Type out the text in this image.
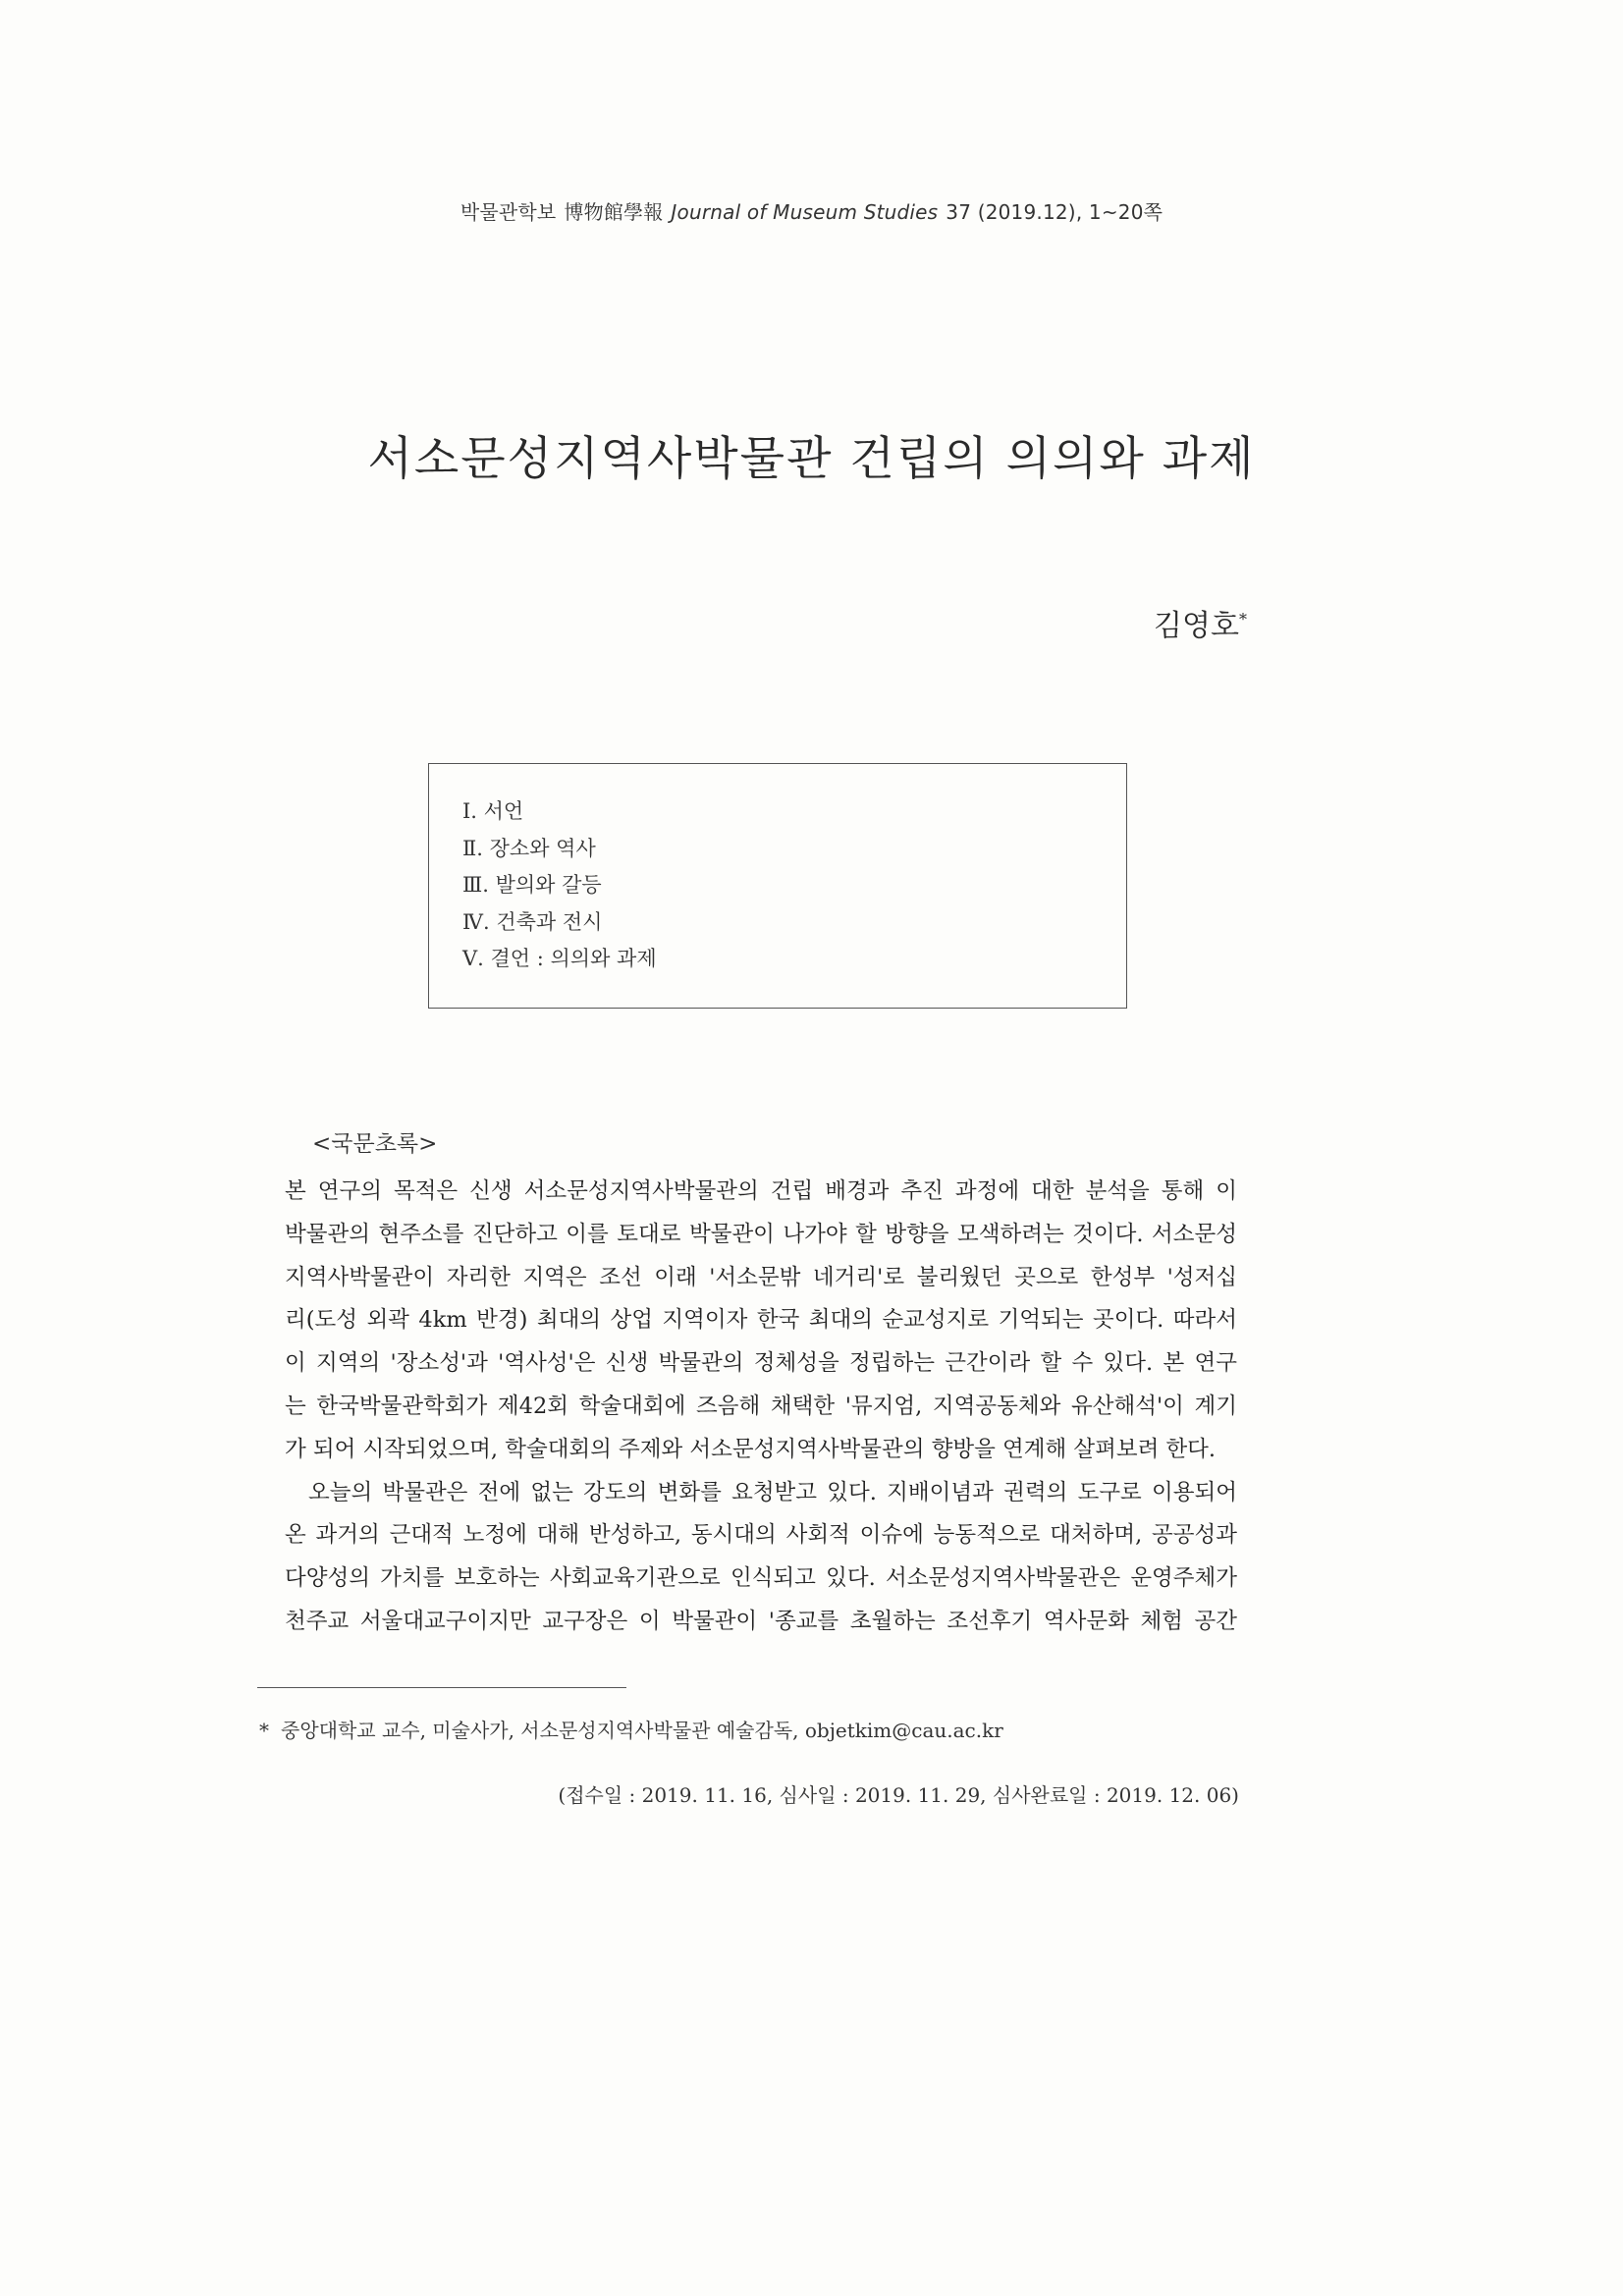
박물관학보 博物館學報 Journal of Museum Studies 37 (2019.12), 1~20쪽
서소문성지역사박물관 건립의 의의와 과제
김영호*
Ⅰ. 서언
Ⅱ. 장소와 역사
Ⅲ. 발의와 갈등
Ⅳ. 건축과 전시
Ⅴ. 결언 : 의의와 과제
<국문초록>

본 연구의 목적은 신생 서소문성지역사박물관의 건립 배경과 추진 과정에 대한 분석을 통해 이
박물관의 현주소를 진단하고 이를 토대로 박물관이 나가야 할 방향을 모색하려는 것이다. 서소문성
지역사박물관이 자리한 지역은 조선 이래 '서소문밖 네거리'로 불리웠던 곳으로 한성부 '성저십
리(도성 외곽 4km 반경) 최대의 상업 지역이자 한국 최대의 순교성지로 기억되는 곳이다. 따라서
이 지역의 '장소성'과 '역사성'은 신생 박물관의 정체성을 정립하는 근간이라 할 수 있다. 본 연구
는 한국박물관학회가 제42회 학술대회에 즈음해 채택한 '뮤지엄, 지역공동체와 유산해석'이 계기
가 되어 시작되었으며, 학술대회의 주제와 서소문성지역사박물관의 향방을 연계해 살펴보려 한다.

오늘의 박물관은 전에 없는 강도의 변화를 요청받고 있다. 지배이념과 권력의 도구로 이용되어
온 과거의 근대적 노정에 대해 반성하고, 동시대의 사회적 이슈에 능동적으로 대처하며, 공공성과
다양성의 가치를 보호하는 사회교육기관으로 인식되고 있다. 서소문성지역사박물관은 운영주체가
천주교 서울대교구이지만 교구장은 이 박물관이 '종교를 초월하는 조선후기 역사문화 체험 공간

* 중앙대학교 교수, 미술사가, 서소문성지역사박물관 예술감독, objetkim@cau.ac.kr
(접수일 : 2019. 11. 16, 심사일 : 2019. 11. 29, 심사완료일 : 2019. 12. 06)
